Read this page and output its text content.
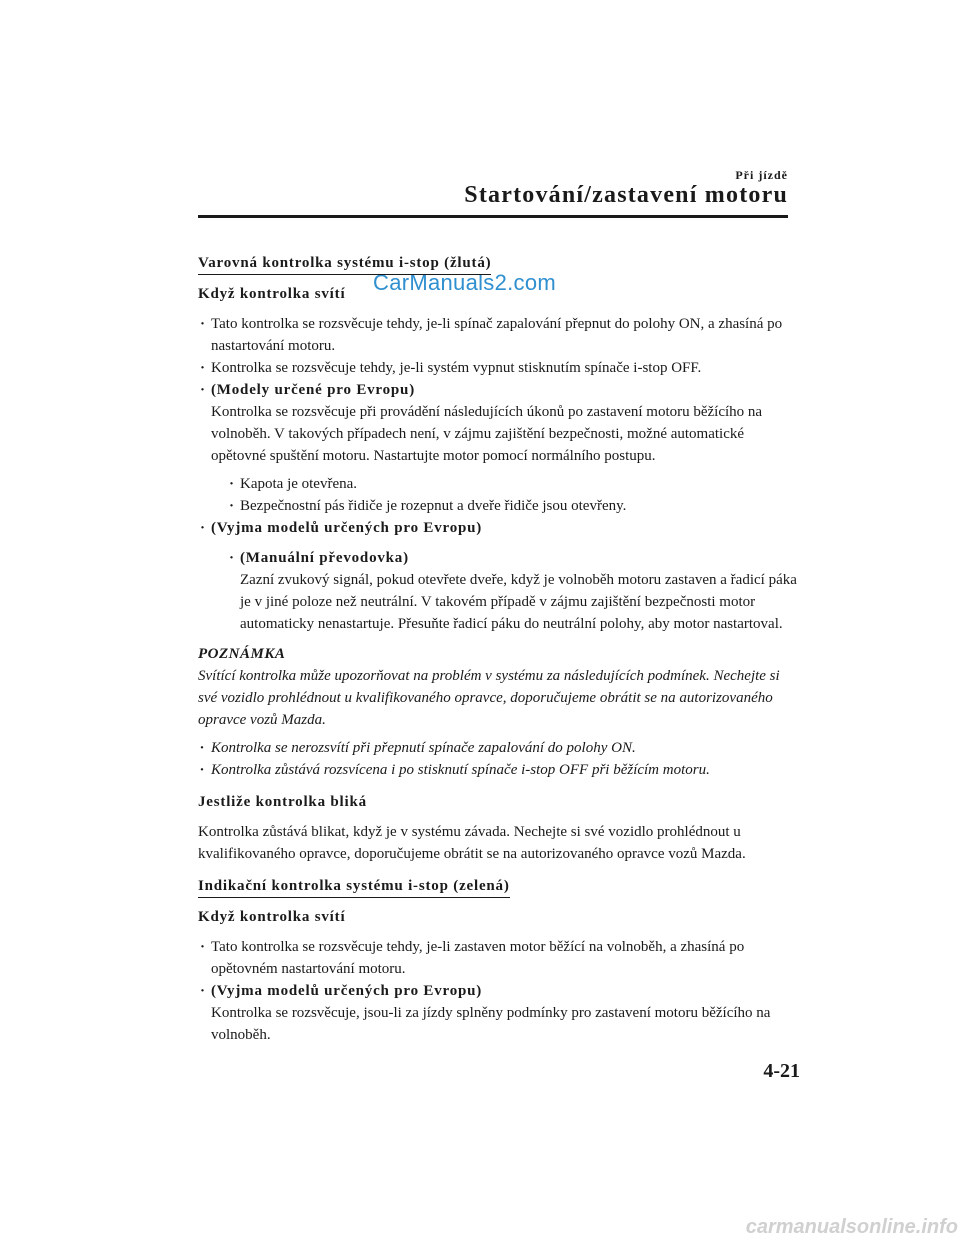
Při jízdě
Startování/zastavení motoru
CarManuals2.com

Varovná kontrolka systému i-stop (žlutá)

Když kontrolka svítí

· Tato kontrolka se rozsvěcuje tehdy, je-li spínač zapalování přepnut do polohy ON, a zhasíná po nastartování motoru.
· Kontrolka se rozsvěcuje tehdy, je-li systém vypnut stisknutím spínače i-stop OFF.
· (Modely určené pro Evropu)
Kontrolka se rozsvěcuje při provádění následujících úkonů po zastavení motoru běžícího na volnoběh. V takových případech není, v zájmu zajištění bezpečnosti, možné automatické opětovné spuštění motoru. Nastartujte motor pomocí normálního postupu.
· Kapota je otevřena.
· Bezpečnostní pás řidiče je rozepnut a dveře řidiče jsou otevřeny.
· (Vyjma modelů určených pro Evropu)
· (Manuální převodovka)
Zazní zvukový signál, pokud otevřete dveře, když je volnoběh motoru zastaven a řadicí páka je v jiné poloze než neutrální. V takovém případě v zájmu zajištění bezpečnosti motor automaticky nenastartuje. Přesuňte řadicí páku do neutrální polohy, aby motor nastartoval.
POZNÁMKA
Svítící kontrolka může upozorňovat na problém v systému za následujících podmínek. Nechejte si své vozidlo prohlédnout u kvalifikovaného opravce, doporučujeme obrátit se na autorizovaného opravce vozů Mazda.
· Kontrolka se nerozsvítí při přepnutí spínače zapalování do polohy ON.
· Kontrolka zůstává rozsvícena i po stisknutí spínače i-stop OFF při běžícím motoru.

Jestliže kontrolka bliká

Kontrolka zůstává blikat, když je v systému závada. Nechejte si své vozidlo prohlédnout u kvalifikovaného opravce, doporučujeme obrátit se na autorizovaného opravce vozů Mazda.

Indikační kontrolka systému i-stop (zelená)

Když kontrolka svítí

· Tato kontrolka se rozsvěcuje tehdy, je-li zastaven motor běžící na volnoběh, a zhasíná po opětovném nastartování motoru.
· (Vyjma modelů určených pro Evropu)
Kontrolka se rozsvěcuje, jsou-li za jízdy splněny podmínky pro zastavení motoru běžícího na volnoběh.
4-21
carmanualsonline.info
